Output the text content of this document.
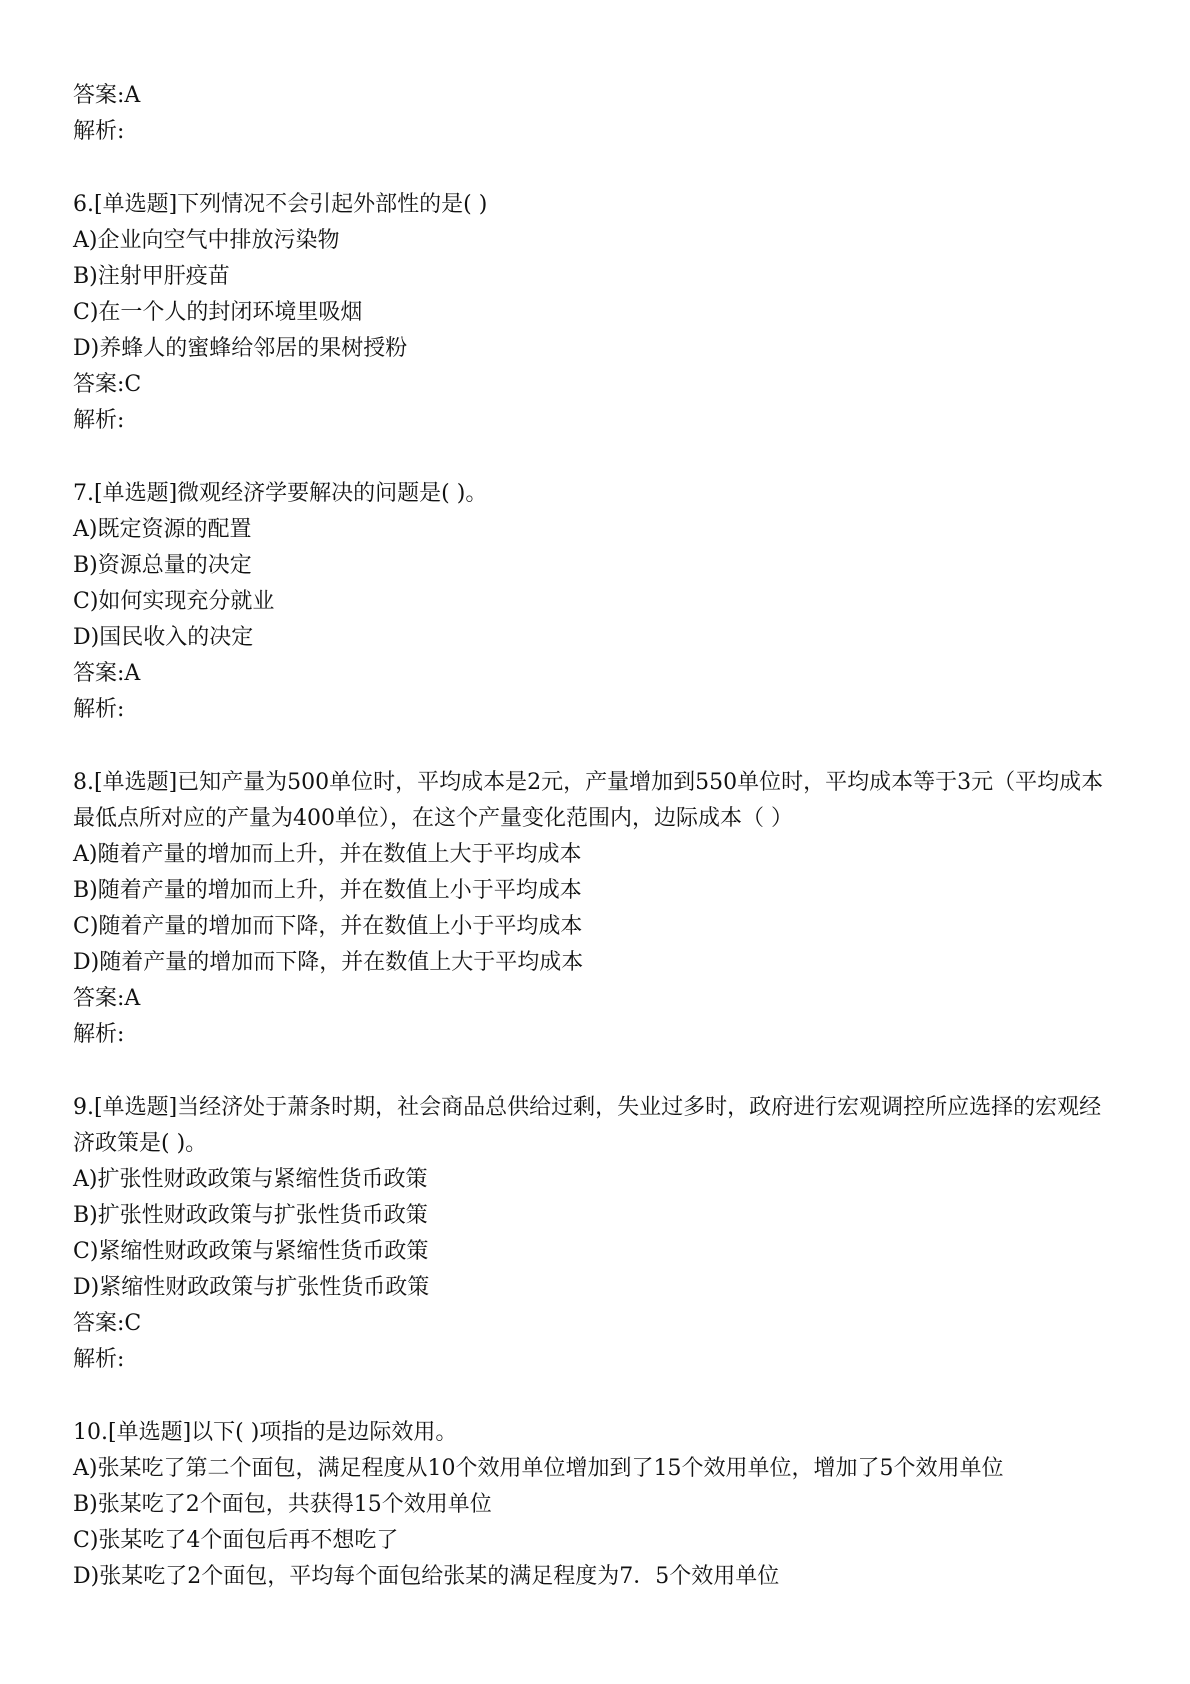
答案:A

解析:

6.[单选题]下列情况不会引起外部性的是( )

A)企业向空气中排放污染物

B)注射甲肝疫苗

C)在一个人的封闭环境里吸烟

D)养蜂人的蜜蜂给邻居的果树授粉

答案:C

解析:

7.[单选题]微观经济学要解决的问题是( )。

A)既定资源的配置

B)资源总量的决定

C)如何实现充分就业

D)国民收入的决定

答案:A

解析:

8.[单选题]已知产量为500单位时，平均成本是2元，产量增加到550单位时，平均成本等于3元（平均成本最低点所对应的产量为400单位），在这个产量变化范围内，边际成本（ ）

A)随着产量的增加而上升，并在数值上大于平均成本

B)随着产量的增加而上升，并在数值上小于平均成本

C)随着产量的增加而下降，并在数值上小于平均成本

D)随着产量的增加而下降，并在数值上大于平均成本

答案:A

解析:

9.[单选题]当经济处于萧条时期，社会商品总供给过剩，失业过多时，政府进行宏观调控所应选择的宏观经济政策是( )。

A)扩张性财政政策与紧缩性货币政策

B)扩张性财政政策与扩张性货币政策

C)紧缩性财政政策与紧缩性货币政策

D)紧缩性财政政策与扩张性货币政策

答案:C

解析:

10.[单选题]以下( )项指的是边际效用。

A)张某吃了第二个面包，满足程度从10个效用单位增加到了15个效用单位，增加了5个效用单位

B)张某吃了2个面包，共获得15个效用单位

C)张某吃了4个面包后再不想吃了

D)张某吃了2个面包，平均每个面包给张某的满足程度为7．5个效用单位
